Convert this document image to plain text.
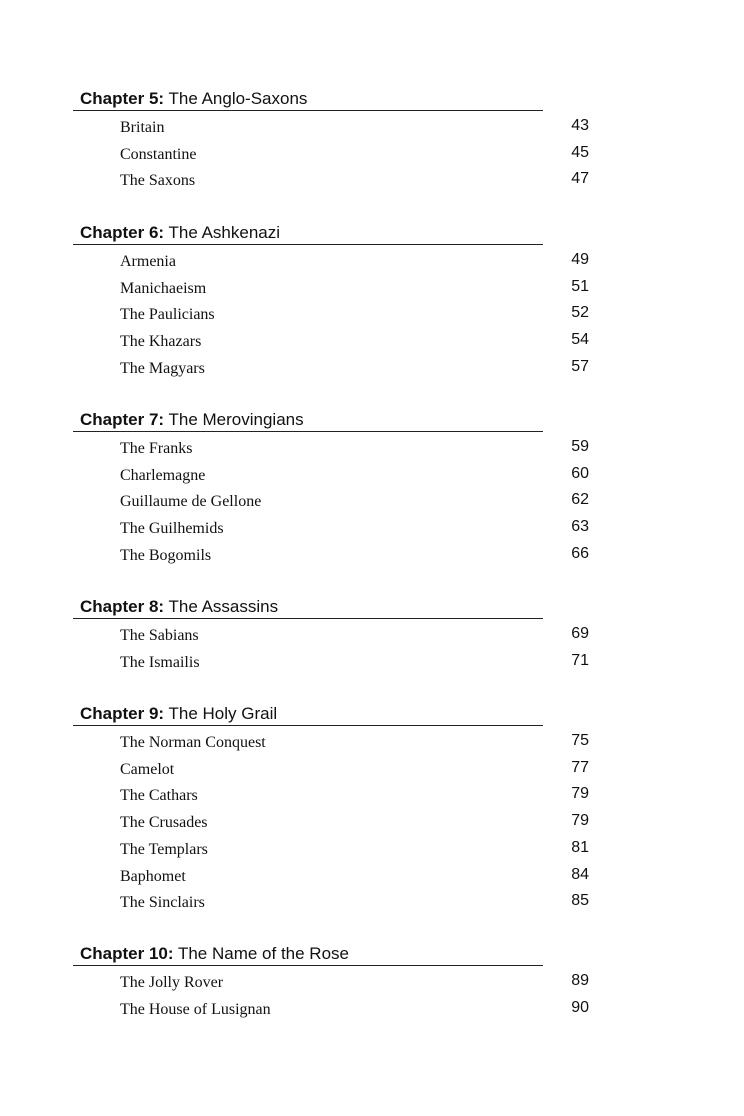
Chapter 5: The Anglo-Saxons
Britain	43
Constantine	45
The Saxons	47
Chapter 6: The Ashkenazi
Armenia	49
Manichaeism	51
The Paulicians	52
The Khazars	54
The Magyars	57
Chapter 7: The Merovingians
The Franks	59
Charlemagne	60
Guillaume de Gellone	62
The Guilhemids	63
The Bogomils	66
Chapter 8: The Assassins
The Sabians	69
The Ismailis	71
Chapter 9: The Holy Grail
The Norman Conquest	75
Camelot	77
The Cathars	79
The Crusades	79
The Templars	81
Baphomet	84
The Sinclairs	85
Chapter 10: The Name of the Rose
The Jolly Rover	89
The House of Lusignan	90
